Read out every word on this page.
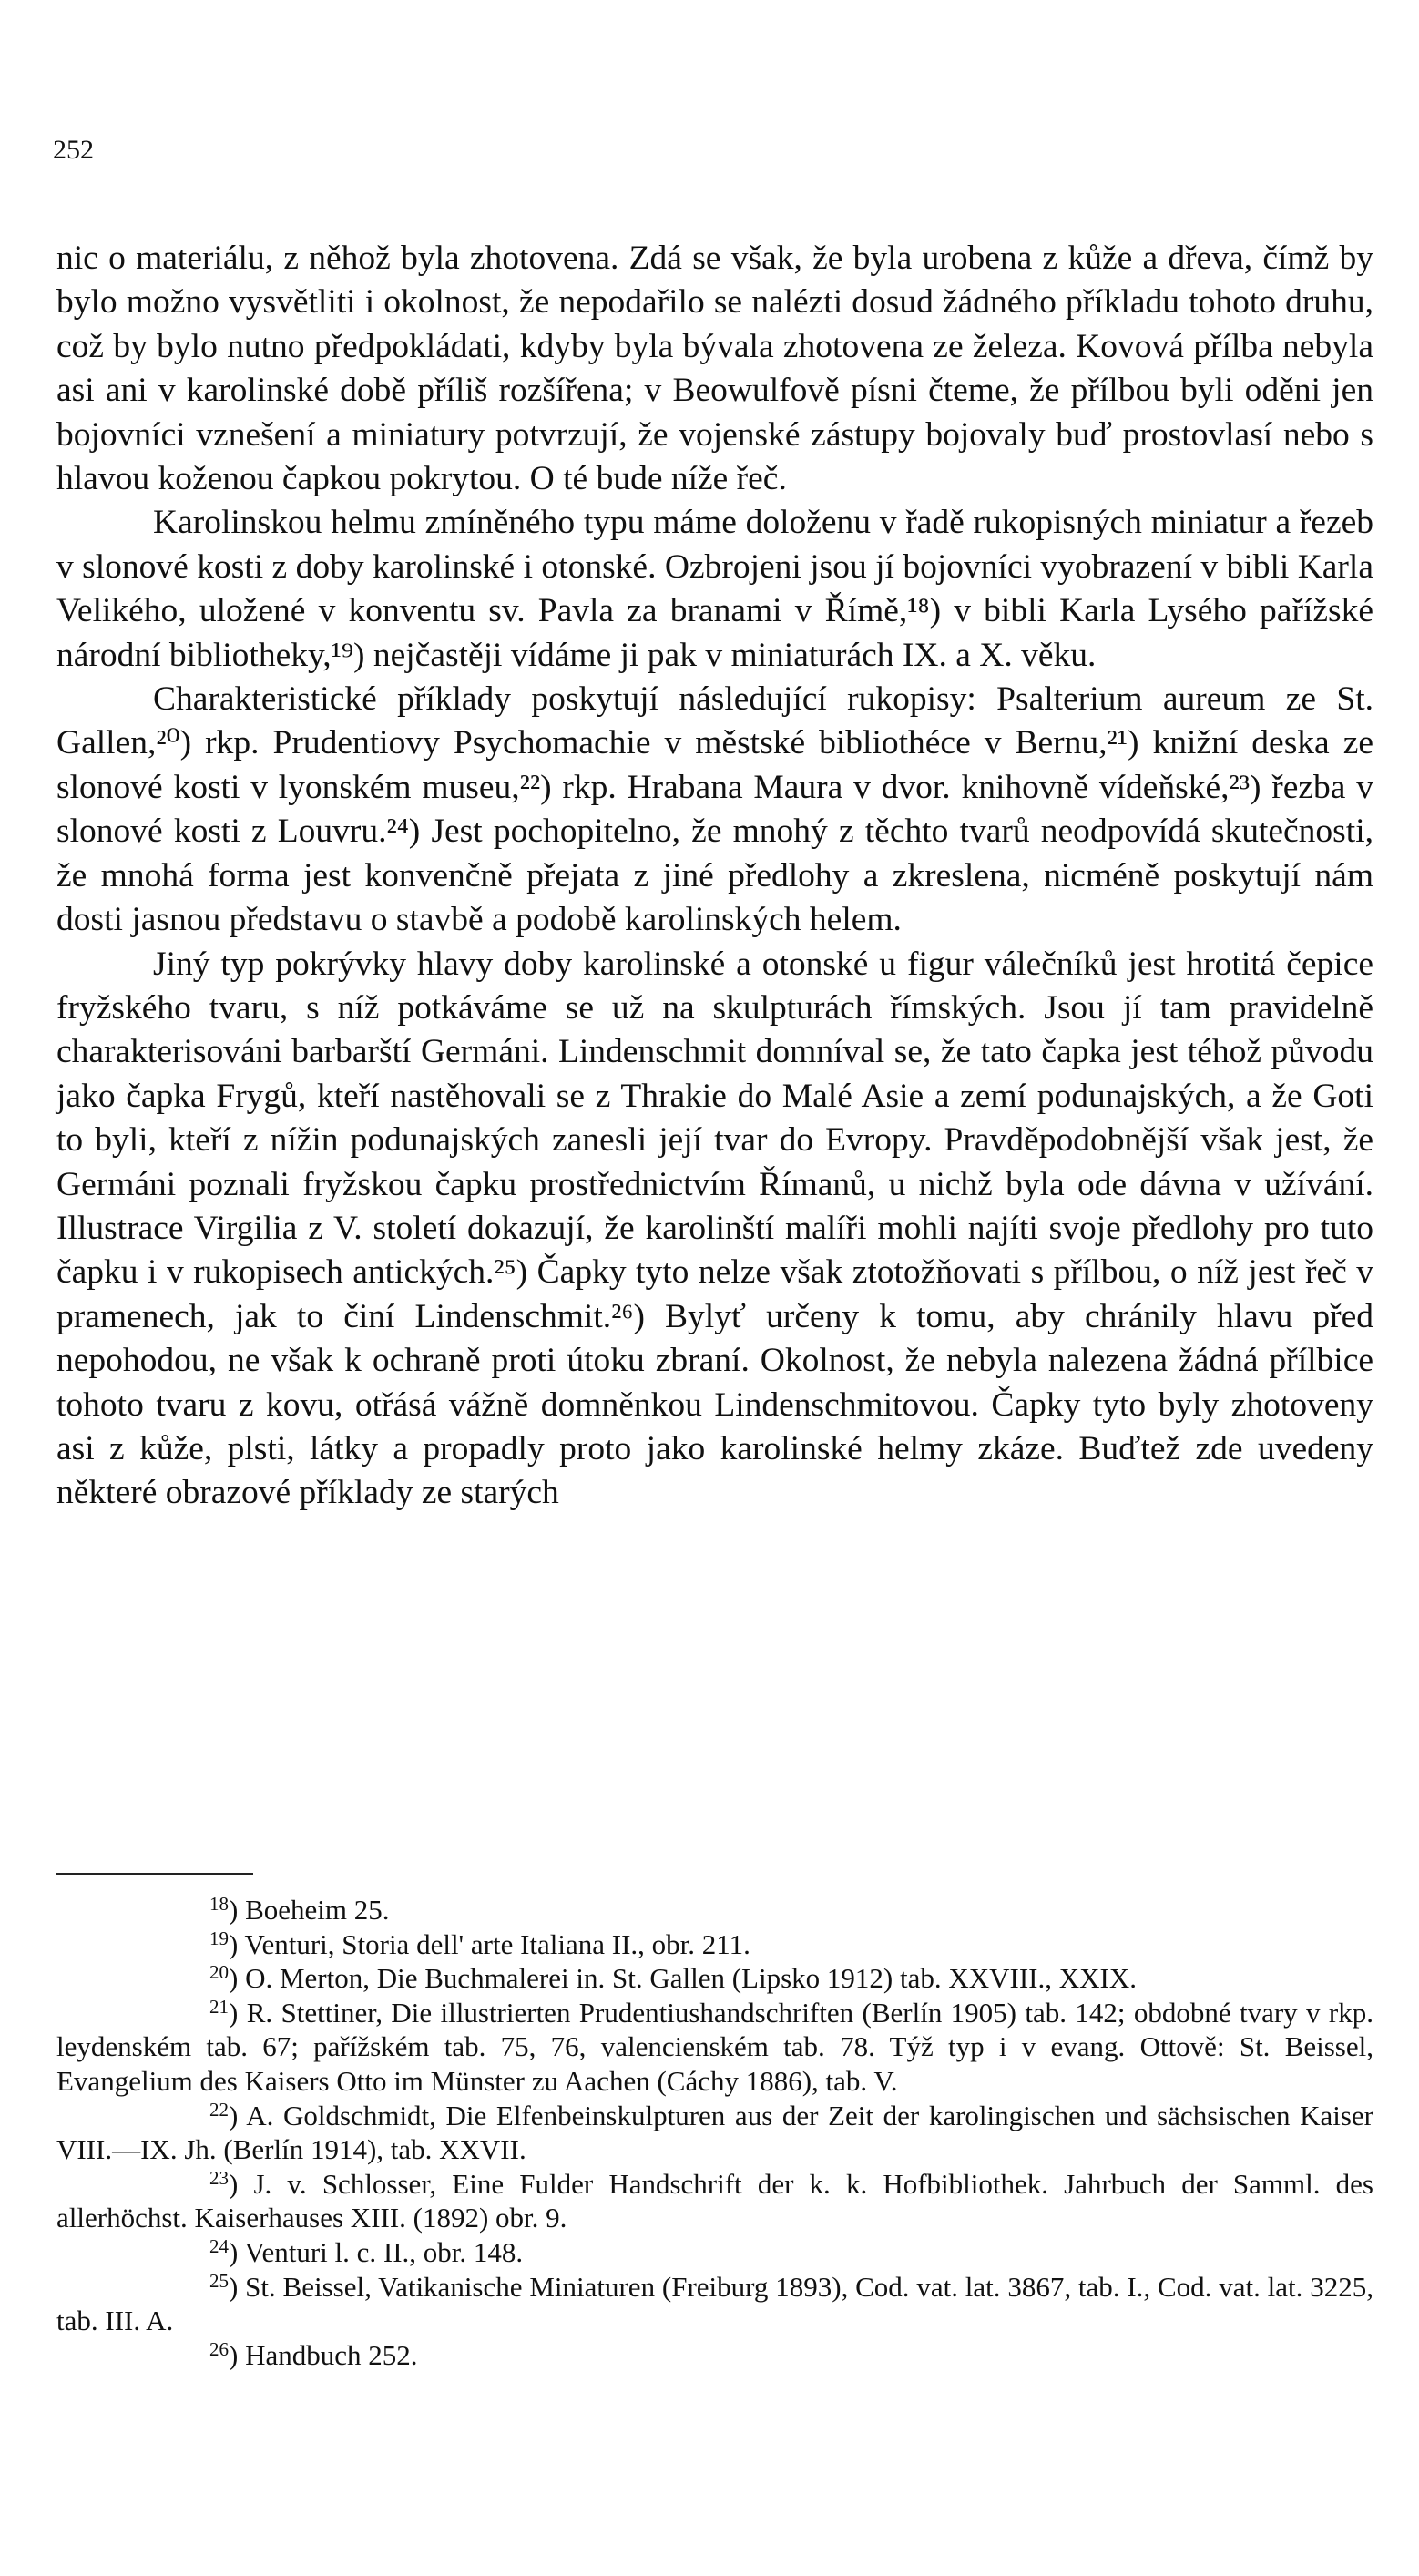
252

nic o materiálu, z něhož byla zhotovena. Zdá se však, že byla urobena z kůže a dřeva, čímž by bylo možno vysvětliti i okolnost, že nepodařilo se nalézti dosud žádného příkladu tohoto druhu, což by bylo nutno předpokládati, kdyby byla bývala zhotovena ze železa. Kovová přílba nebyla asi ani v karolinské době příliš rozšířena; v Beowulfově písni čteme, že přílbou byli oděni jen bojovníci vznešení a miniatury potvrzují, že vojenské zástupy bojovaly buď prostovlasí nebo s hlavou koženou čapkou pokrytou. O té bude níže řeč.

Karolinskou helmu zmíněného typu máme doloženu v řadě rukopisných miniatur a řezeb v slonové kosti z doby karolinské i otonské. Ozbrojeni jsou jí bojovníci vyobrazení v bibli Karla Velikého, uložené v konventu sv. Pavla za branami v Římě,¹⁸) v bibli Karla Lysého pařížské národní bibliotheky,¹⁹) nejčastěji vídáme ji pak v miniaturách IX. a X. věku.

Charakteristické příklady poskytují následující rukopisy: Psalterium aureum ze St. Gallen,²⁰) rkp. Prudentiovy Psychomachie v městské bibliothéce v Bernu,²¹) knižní deska ze slonové kosti v lyonském museu,²²) rkp. Hrabana Maura v dvor. knihovně vídeňské,²³) řezba v slonové kosti z Louvru.²⁴) Jest pochopitelno, že mnohý z těchto tvarů neodpovídá skutečnosti, že mnohá forma jest konvenčně přejata z jiné předlohy a zkreslena, nicméně poskytují nám dosti jasnou představu o stavbě a podobě karolinských helem.

Jiný typ pokrývky hlavy doby karolinské a otonské u figur válečníků jest hrotitá čepice fryžského tvaru, s níž potkáváme se už na skulpturách římských. Jsou jí tam pravidelně charakterisováni barbarští Germáni. Lindenschmit domníval se, že tato čapka jest téhož původu jako čapka Frygů, kteří nastěhovali se z Thrakie do Malé Asie a zemí podunajských, a že Goti to byli, kteří z nížin podunajských zanesli její tvar do Evropy. Pravděpodobnější však jest, že Germáni poznali fryžskou čapku prostřednictvím Římanů, u nichž byla ode dávna v užívání. Illustrace Virgilia z V. století dokazují, že karolinští malíři mohli najíti svoje předlohy pro tuto čapku i v rukopisech antických.²⁵) Čapky tyto nelze však ztotožňovati s přílbou, o níž jest řeč v pramenech, jak to činí Lindenschmit.²⁶) Bylyť určeny k tomu, aby chránily hlavu před nepohodou, ne však k ochraně proti útoku zbraní. Okolnost, že nebyla nalezena žádná přílbice tohoto tvaru z kovu, otřásá vážně domněnkou Lindenschmitovou. Čapky tyto byly zhotoveny asi z kůže, plsti, látky a propadly proto jako karolinské helmy zkáze. Buďtež zde uvedeny některé obrazové příklady ze starých

$^{18}$) Boeheim 25.

$^{19}$) Venturi, Storia dell' arte Italiana II., obr. 211.

$^{20}$) O. Merton, Die Buchmalerei in. St. Gallen (Lipsko 1912) tab. XXVIII., XXIX.

$^{21}$) R. Stettiner, Die illustrierten Prudentiushandschriften (Berlín 1905) tab. 142; obdobné tvary v rkp. leydenském tab. 67; pařížském tab. 75, 76, valencienském tab. 78. Týž typ i v evang. Ottově: St. Beissel, Evangelium des Kaisers Otto im Münster zu Aachen (Cáchy 1886), tab. V.

$^{22}$) A. Goldschmidt, Die Elfenbeinskulpturen aus der Zeit der karolingischen und sächsischen Kaiser VIII.—IX. Jh. (Berlín 1914), tab. XXVII.

$^{23}$) J. v. Schlosser, Eine Fulder Handschrift der k. k. Hofbibliothek. Jahrbuch der Samml. des allerhöchst. Kaiserhauses XIII. (1892) obr. 9.

$^{24}$) Venturi l. c. II., obr. 148.

$^{25}$) St. Beissel, Vatikanische Miniaturen (Freiburg 1893), Cod. vat. lat. 3867, tab. I., Cod. vat. lat. 3225, tab. III. A.

$^{26}$) Handbuch 252.
